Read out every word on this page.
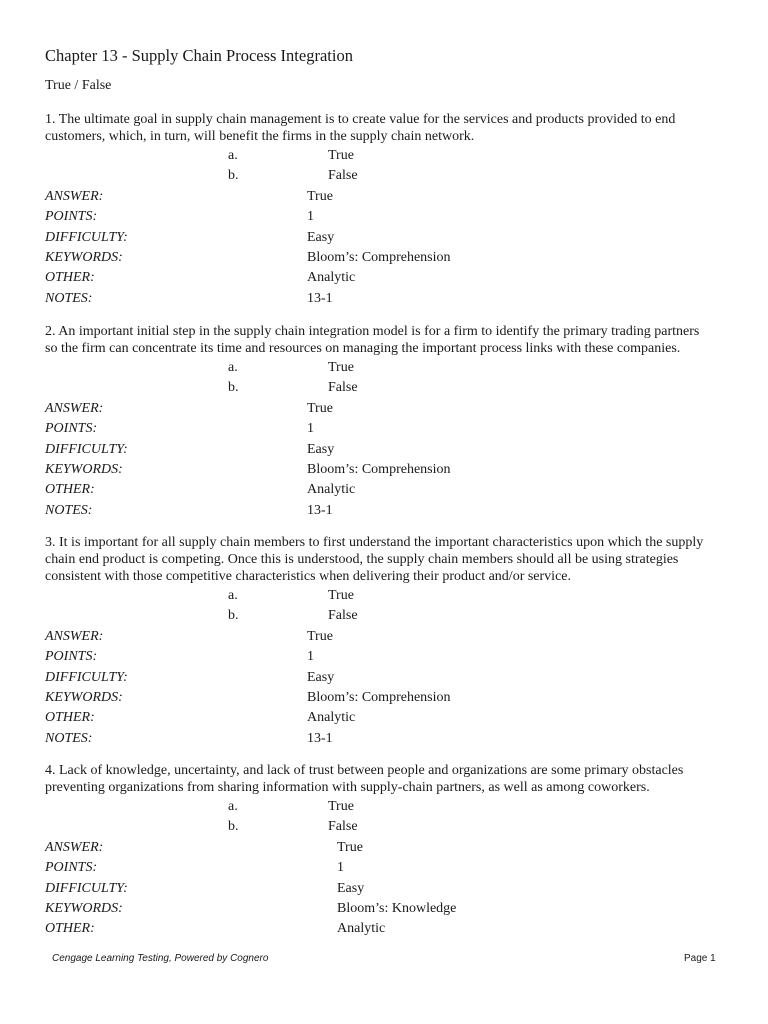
Chapter 13 - Supply Chain Process Integration
True / False

1. The ultimate goal in supply chain management is to create value for the services and products provided to end customers, which, in turn, will benefit the firms in the supply chain network.

a.	True
b.	False
ANSWER:	True
POINTS:	1
DIFFICULTY:	Easy
KEYWORDS:	Bloom’s: Comprehension
OTHER:	Analytic
NOTES:	13-1

2. An important initial step in the supply chain integration model is for a firm to identify the primary trading partners so the firm can concentrate its time and resources on managing the important process links with these companies.

a.	True
b.	False
ANSWER:	True
POINTS:	1
DIFFICULTY:	Easy
KEYWORDS:	Bloom’s: Comprehension
OTHER:	Analytic
NOTES:	13-1

3. It is important for all supply chain members to first understand the important characteristics upon which the supply chain end product is competing. Once this is understood, the supply chain members should all be using strategies consistent with those competitive characteristics when delivering their product and/or service.

a.	True
b.	False
ANSWER:	True
POINTS:	1
DIFFICULTY:	Easy
KEYWORDS:	Bloom’s: Comprehension
OTHER:	Analytic
NOTES:	13-1

4. Lack of knowledge, uncertainty, and lack of trust between people and organizations are some primary obstacles preventing organizations from sharing information with supply-chain partners, as well as among coworkers.

a.	True
b.	False
ANSWER:	True
POINTS:	1
DIFFICULTY:	Easy
KEYWORDS:	Bloom’s: Knowledge
OTHER:	Analytic
Cengage Learning Testing, Powered by Cognero	Page 1
